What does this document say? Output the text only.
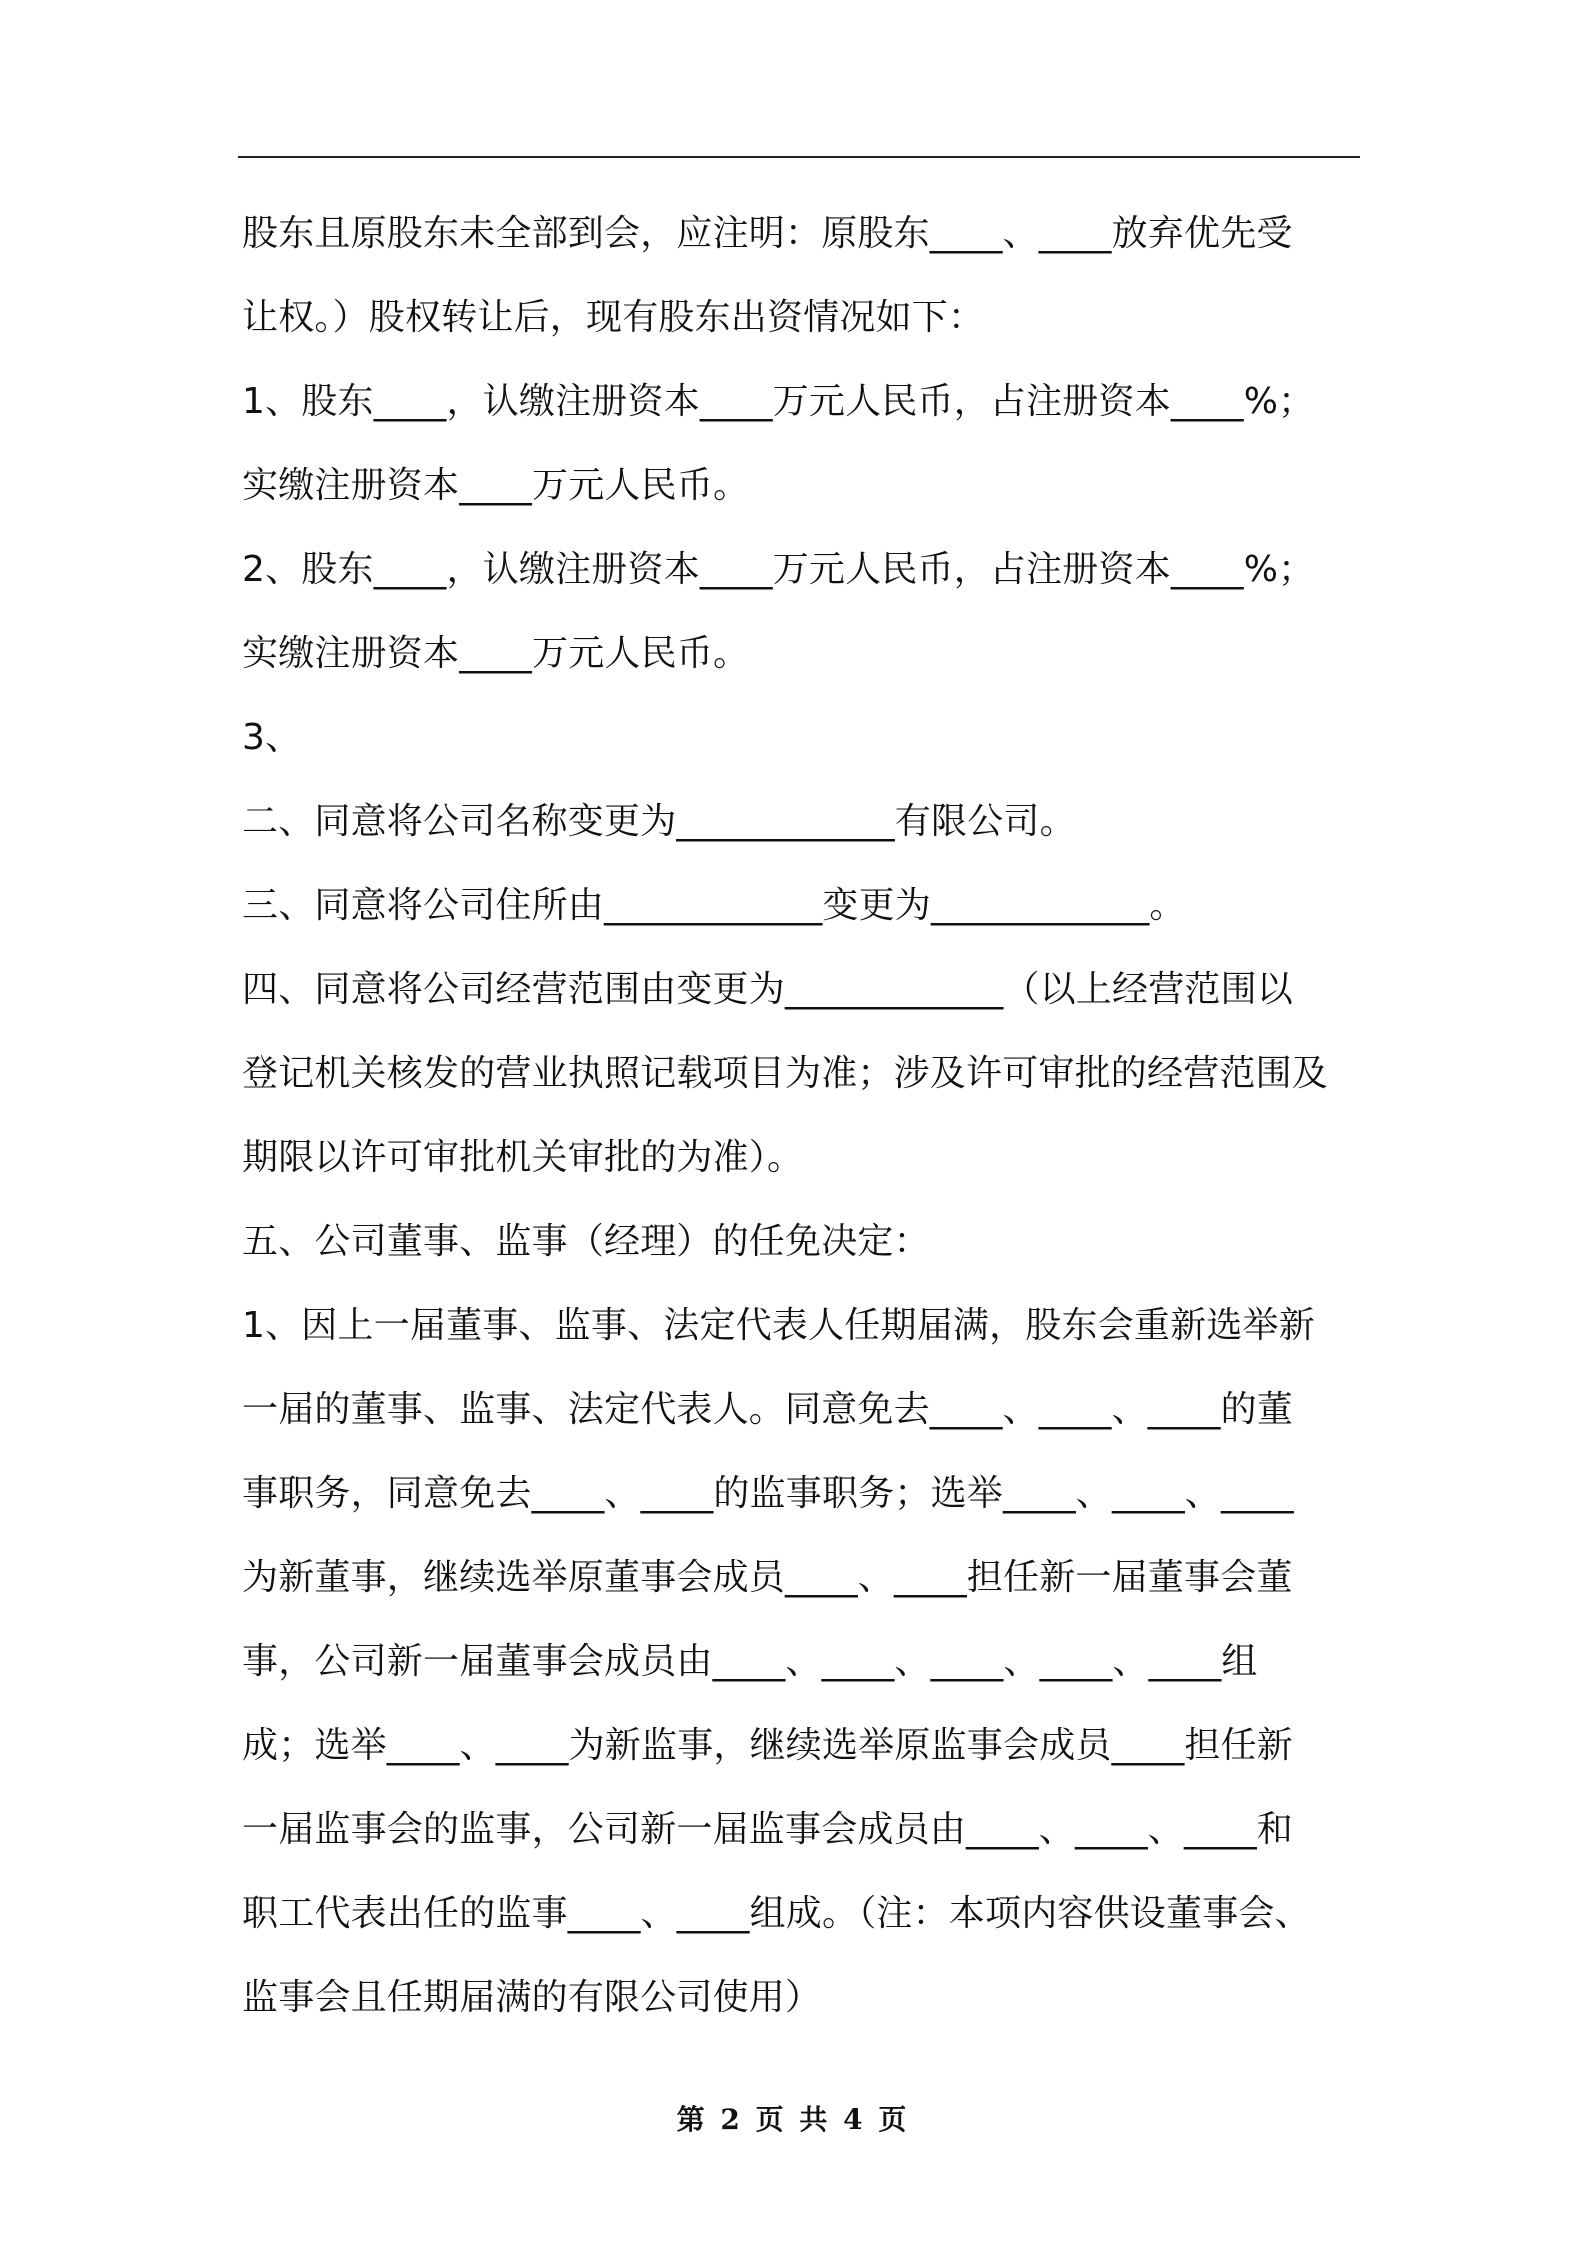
股东且原股东未全部到会，应注明：原股东____、____放弃优先受
让权。）股权转让后，现有股东出资情况如下：
1、股东____，认缴注册资本____万元人民币，占注册资本____%；
实缴注册资本____万元人民币。
2、股东____，认缴注册资本____万元人民币，占注册资本____%；
实缴注册资本____万元人民币。
3、
二、同意将公司名称变更为____________有限公司。
三、同意将公司住所由____________变更为____________。
四、同意将公司经营范围由变更为____________（以上经营范围以
登记机关核发的营业执照记载项目为准；涉及许可审批的经营范围及
期限以许可审批机关审批的为准）。
五、公司董事、监事（经理）的任免决定：
1、因上一届董事、监事、法定代表人任期届满，股东会重新选举新
一届的董事、监事、法定代表人。同意免去____、____、____的董
事职务，同意免去____、____的监事职务；选举____、____、____
为新董事，继续选举原董事会成员____、____担任新一届董事会董
事，公司新一届董事会成员由____、____、____、____、____组
成；选举____、____为新监事，继续选举原监事会成员____担任新
一届监事会的监事，公司新一届监事会成员由____、____、____和
职工代表出任的监事____、____组成。（注：本项内容供设董事会、
监事会且任期届满的有限公司使用）
第 2 页 共 4 页
